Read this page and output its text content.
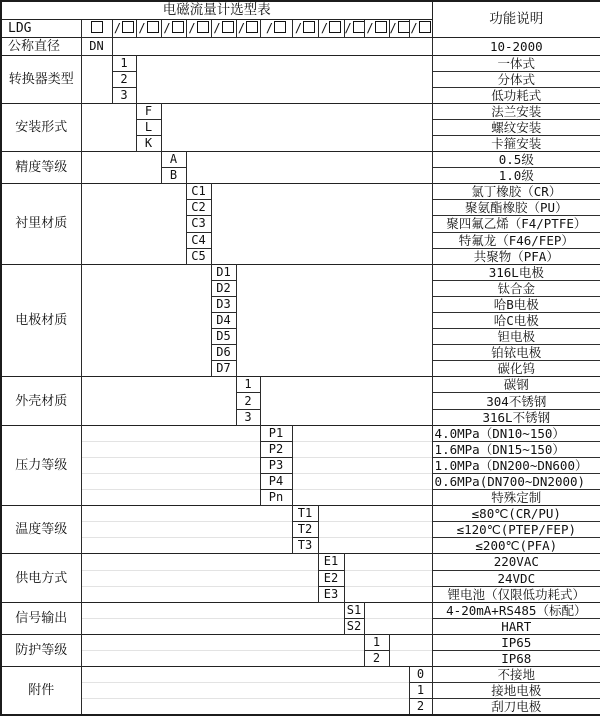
电磁流量计选型表															功能说明
LDG		/	/	/	/	/	/	/	/	/	/	/	/	/	
公称直径	DN														10-2000
转换器类型		1													一体式
		2													分体式
		3													低功耗式
安装形式			F												法兰安装
			L												螺纹安装
			K												卡箍安装
精度等级				A											0.5级
				B											1.0级
衬里材质					C1										氯丁橡胶（CR）
					C2										聚氨酯橡胶（PU）
					C3										聚四氟乙烯（F4/PTFE）
					C4										特氟龙（F46/FEP）
					C5										共聚物（PFA）
电极材质						D1									316L电极
						D2									钛合金
						D3									哈B电极
						D4									哈C电极
						D5									钽电极
						D6									铂铱电极
						D7									碳化钨
外壳材质							1								碳钢
							2								304不锈钢
							3								316L不锈钢
压力等级								P1							4.0MPa（DN10~150）
								P2							1.6MPa（DN15~150）
								P3							1.0MPa（DN200~DN600）
								P4							0.6MPa(DN700~DN2000)
								Pn							特殊定制
温度等级									T1						≤80℃(CR/PU)
									T2						≤120℃(PTEP/FEP)
									T3						≤200℃(PFA)
供电方式										E1					220VAC
										E2					24VDC
										E3					锂电池（仅限低功耗式）
信号输出											S1				4-20mA+RS485（标配）
											S2				HART
防护等级												1			IP65
												2			IP68
附件														0	不接地
														1	接地电极
														2	刮刀电极
